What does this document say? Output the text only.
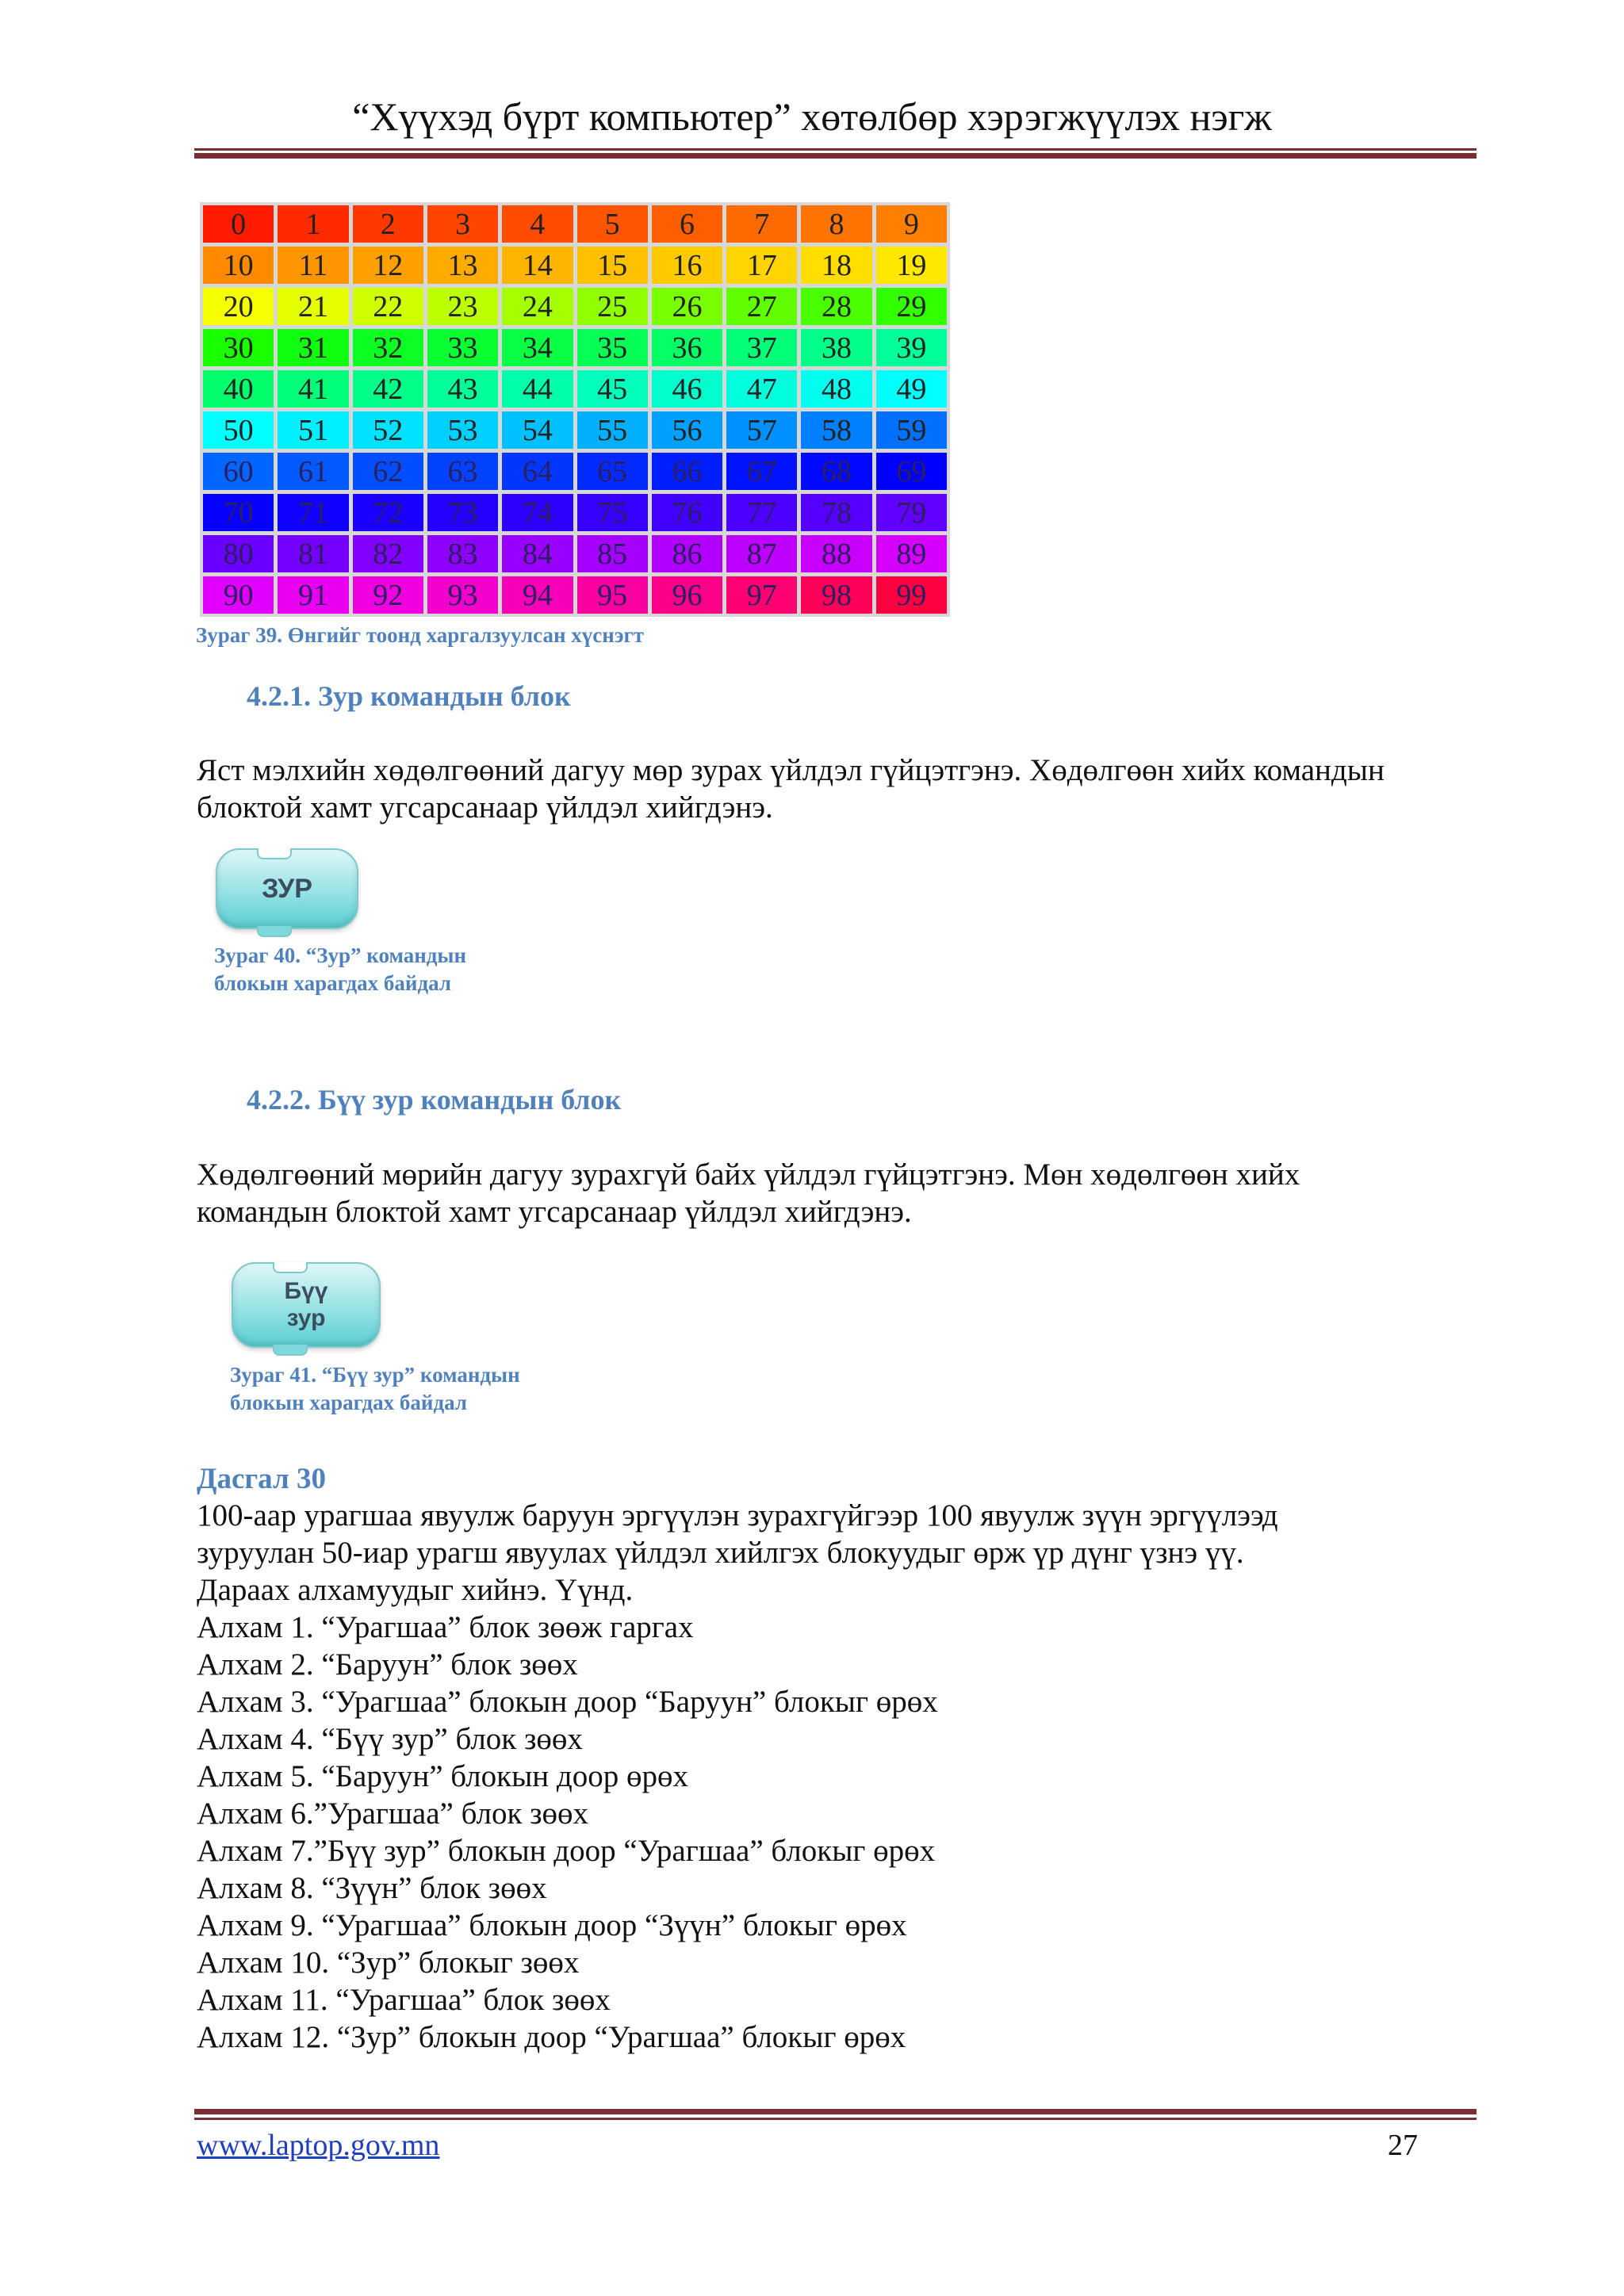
“Хүүхэд бүрт компьютер” хөтөлбөр хэрэгжүүлэх нэгж
0	1	2	3	4	5	6	7	8	9
10	11	12	13	14	15	16	17	18	19
20	21	22	23	24	25	26	27	28	29
30	31	32	33	34	35	36	37	38	39
40	41	42	43	44	45	46	47	48	49
50	51	52	53	54	55	56	57	58	59
60	61	62	63	64	65	66	67	68	69
70	71	72	73	74	75	76	77	78	79
80	81	82	83	84	85	86	87	88	89
90	91	92	93	94	95	96	97	98	99
Зураг 39. Өнгийг тоонд харгалзуулсан хүснэгт
4.2.1. Зур командын блок
Яст мэлхийн хөдөлгөөний дагуу мөр зурах үйлдэл гүйцэтгэнэ. Хөдөлгөөн хийх командын
блоктой хамт угсарсанаар үйлдэл хийгдэнэ.
ЗУР
Зураг 40. “Зур” командын
блокын харагдах байдал
4.2.2. Бүү зур командын блок
Хөдөлгөөний мөрийн дагуу зурахгүй байх үйлдэл гүйцэтгэнэ. Мөн хөдөлгөөн хийх
командын блоктой хамт угсарсанаар үйлдэл хийгдэнэ.
Бүү
зур
Зураг 41. “Бүү зур” командын
блокын харагдах байдал
Дасгал 30
100-аар урагшаа явуулж баруун эргүүлэн зурахгүйгээр 100 явуулж зүүн эргүүлээд
зуруулан 50-иар урагш явуулах үйлдэл хийлгэх блокуудыг өрж үр дүнг үзнэ үү.
Дараах алхамуудыг хийнэ. Үүнд.
Алхам 1. “Урагшаа” блок зөөж гаргах
Алхам 2. “Баруун” блок зөөх
Алхам 3. “Урагшаа” блокын доор “Баруун” блокыг өрөх
Алхам 4. “Бүү зур” блок зөөх
Алхам 5. “Баруун” блокын доор өрөх
Алхам 6.”Урагшаа” блок зөөх
Алхам 7.”Бүү зур” блокын доор “Урагшаа” блокыг өрөх
Алхам 8. “Зүүн” блок зөөх
Алхам 9. “Урагшаа” блокын доор “Зүүн” блокыг өрөх
Алхам 10. “Зур” блокыг зөөх
Алхам 11. “Урагшаа” блок зөөх
Алхам 12. “Зур” блокын доор “Урагшаа” блокыг өрөх
www.laptop.gov.mn	27
